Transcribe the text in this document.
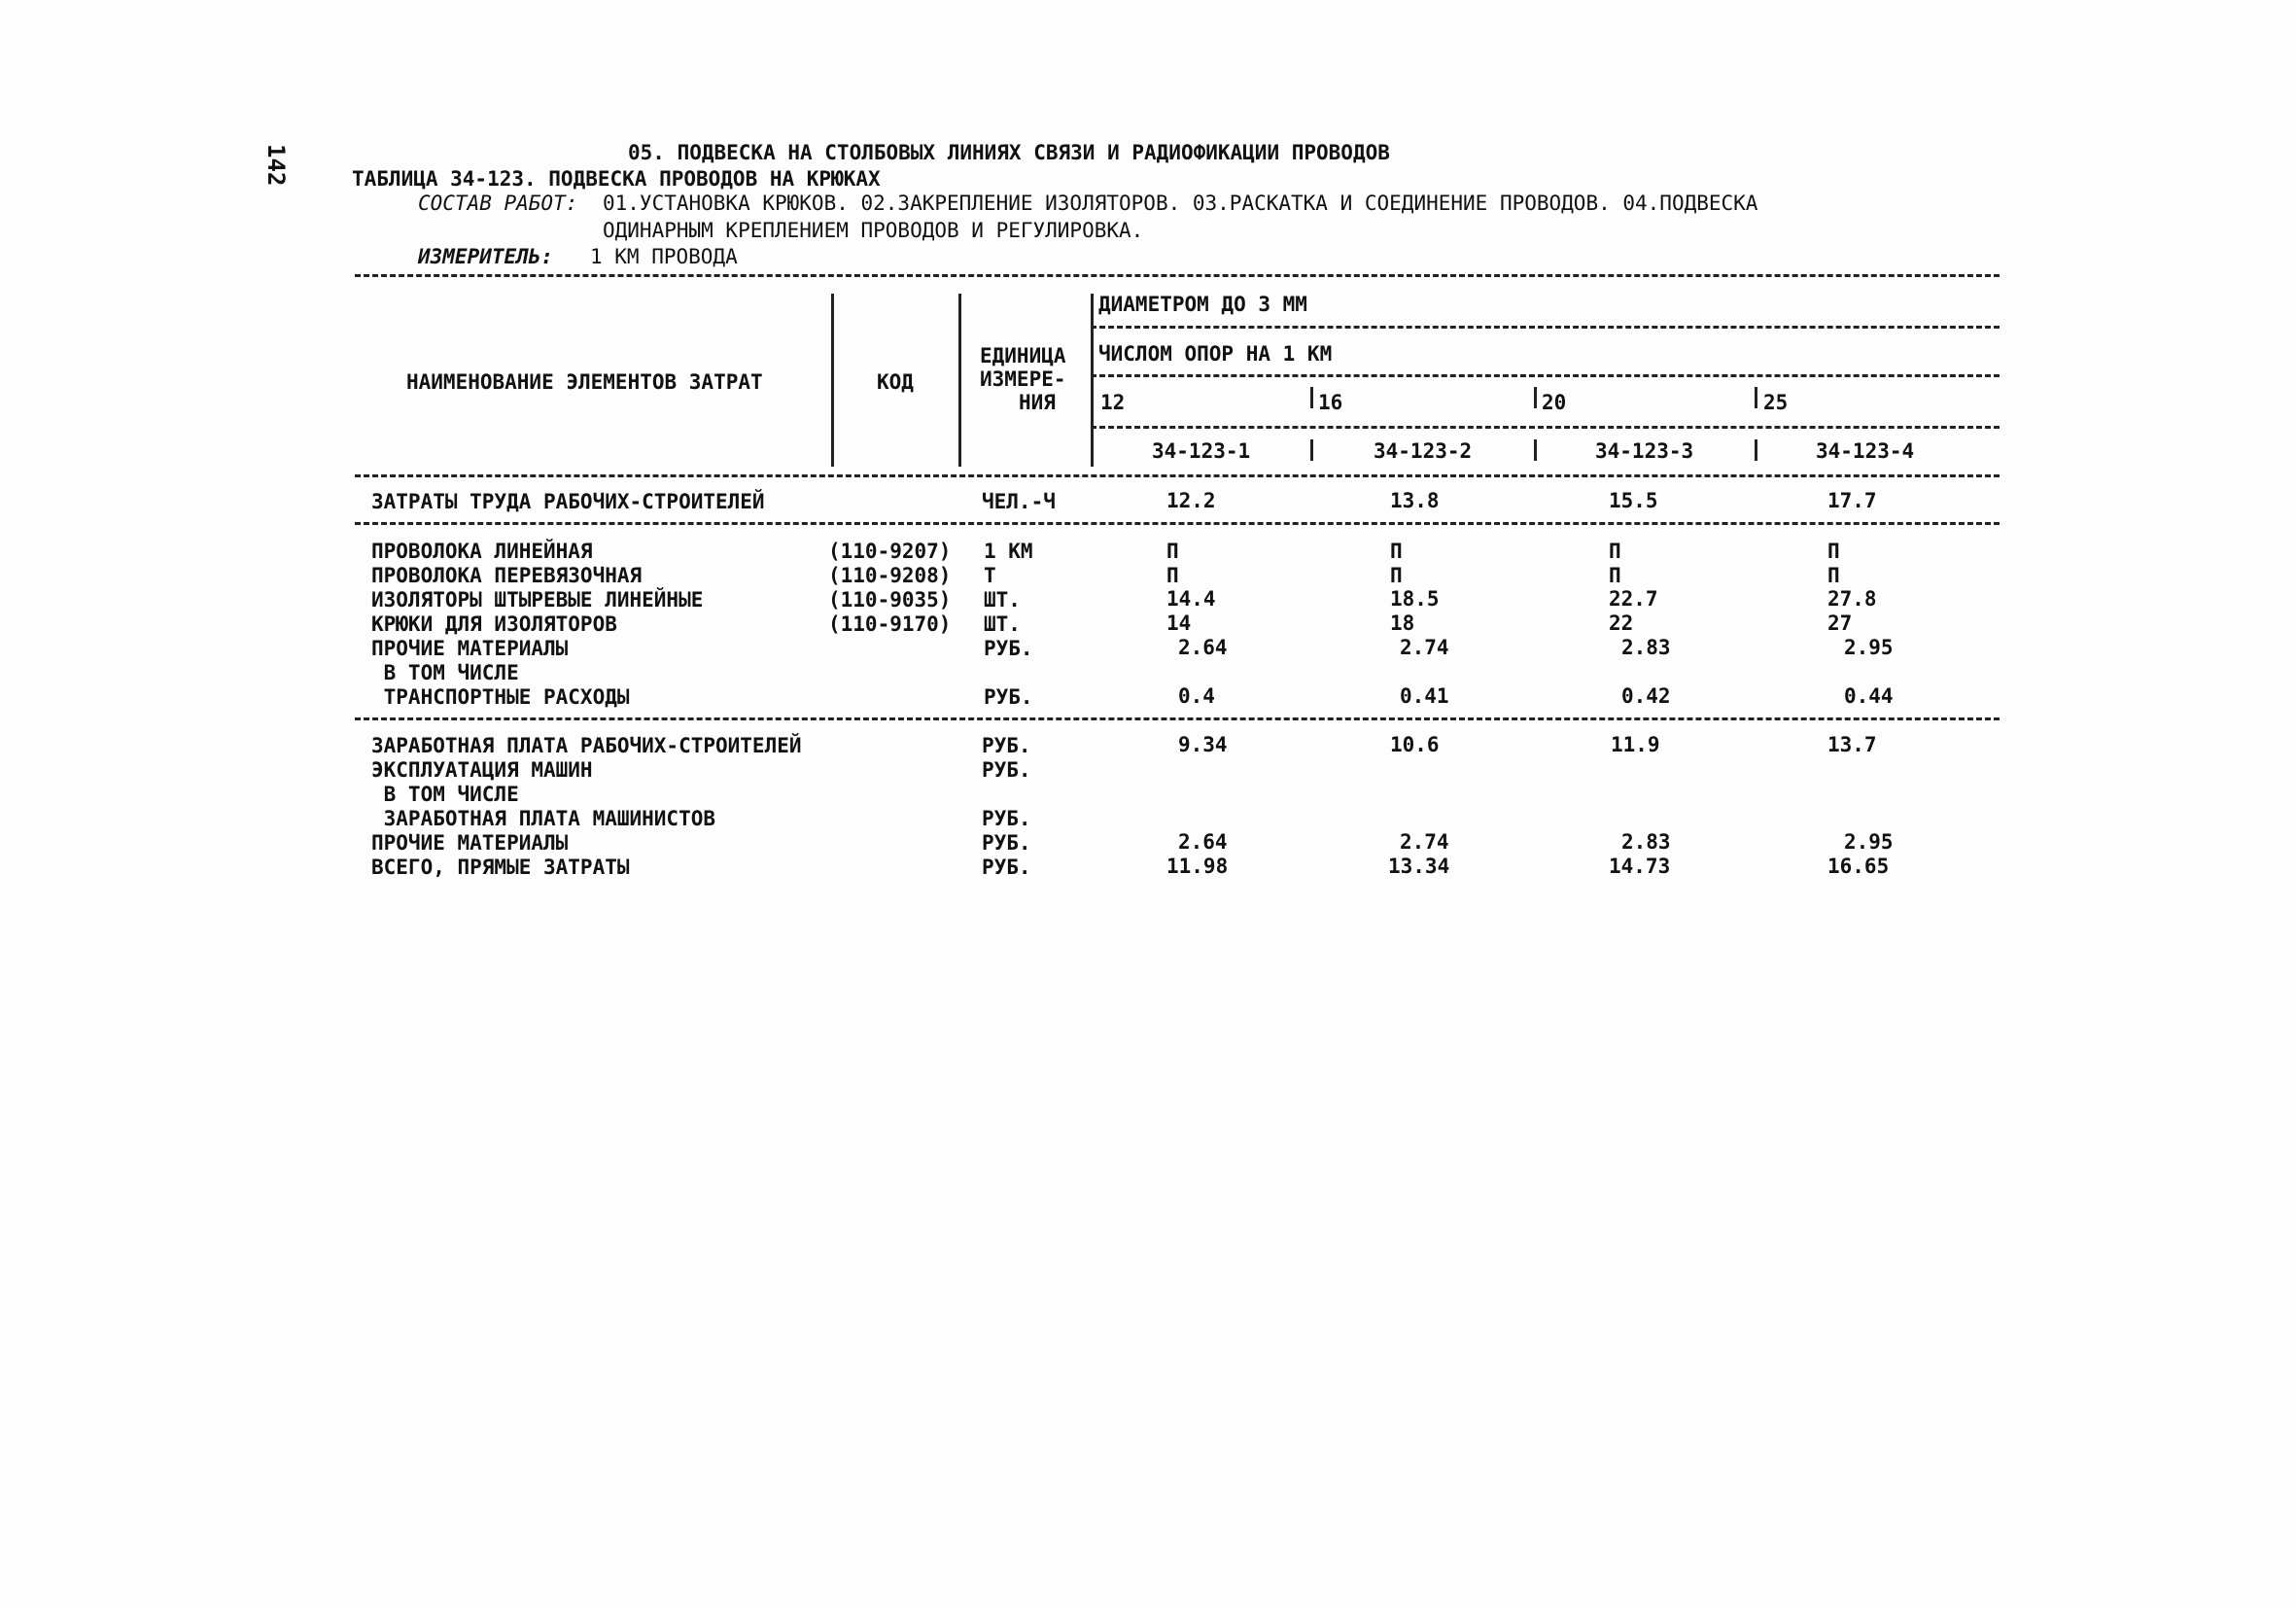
142	05. ПОДВЕСКА НА СТОЛБОВЫХ ЛИНИЯХ СВЯЗИ И РАДИОФИКАЦИИ ПРОВОДОВ
ТАБЛИЦА 34-123. ПОДВЕСКА ПРОВОДОВ НА КРЮКАХ
СОСТАВ РАБОТ: 01.УСТАНОВКА КРЮКОВ. 02.ЗАКРЕПЛЕНИЕ ИЗОЛЯТОРОВ. 03.РАСКАТКА И СОЕДИНЕНИЕ ПРОВОДОВ. 04.ПОДВЕСКА
ОДИНАРНЫМ КРЕПЛЕНИЕМ ПРОВОДОВ И РЕГУЛИРОВКА.
ИЗМЕРИТЕЛЬ: 1 КМ ПРОВОДА
НАИМЕНОВАНИЕ ЭЛЕМЕНТОВ ЗАТРАТ	КОД
ЕДИНИЦА
ИЗМЕРЕ-
НИЯ
ДИАМЕТРОМ ДО 3 ММ
ЧИСЛОМ ОПОР НА 1 КМ
12	16	20	25
34-123-1	34-123-2	34-123-3	34-123-4
ЗАТРАТЫ ТРУДА РАБОЧИХ-СТРОИТЕЛЕЙ	ЧЕЛ.-Ч	12.2	13.8	15.5	17.7
ПРОВОЛОКА ЛИНЕЙНАЯ	(110-9207) 1 КМ	П	П	П	П
ПРОВОЛОКА ПЕРЕВЯЗОЧНАЯ	(110-9208) Т	П	П	П	П
ИЗОЛЯТОРЫ ШТЫРЕВЫЕ ЛИНЕЙНЫЕ	(110-9035) ШТ.	14.4	18.5	22.7	27.8
КРЮКИ ДЛЯ ИЗОЛЯТОРОВ	(110-9170) ШТ.	14	18	22	27
ПРОЧИЕ МАТЕРИАЛЫ	РУБ.	2.64	2.74	2.83	2.95
В ТОМ ЧИСЛЕ
ТРАНСПОРТНЫЕ РАСХОДЫ	РУБ.	0.4	0.41	0.42	0.44
ЗАРАБОТНАЯ ПЛАТА РАБОЧИХ-СТРОИТЕЛЕЙ	РУБ.	9.34	10.6	11.9	13.7
ЭКСПЛУАТАЦИЯ МАШИН	РУБ.
В ТОМ ЧИСЛЕ
ЗАРАБОТНАЯ ПЛАТА МАШИНИСТОВ	РУБ.
ПРОЧИЕ МАТЕРИАЛЫ	РУБ.	2.64	2.74	2.83	2.95
ВСЕГО, ПРЯМЫЕ ЗАТРАТЫ	РУБ.	11.98	13.34	14.73	16.65
